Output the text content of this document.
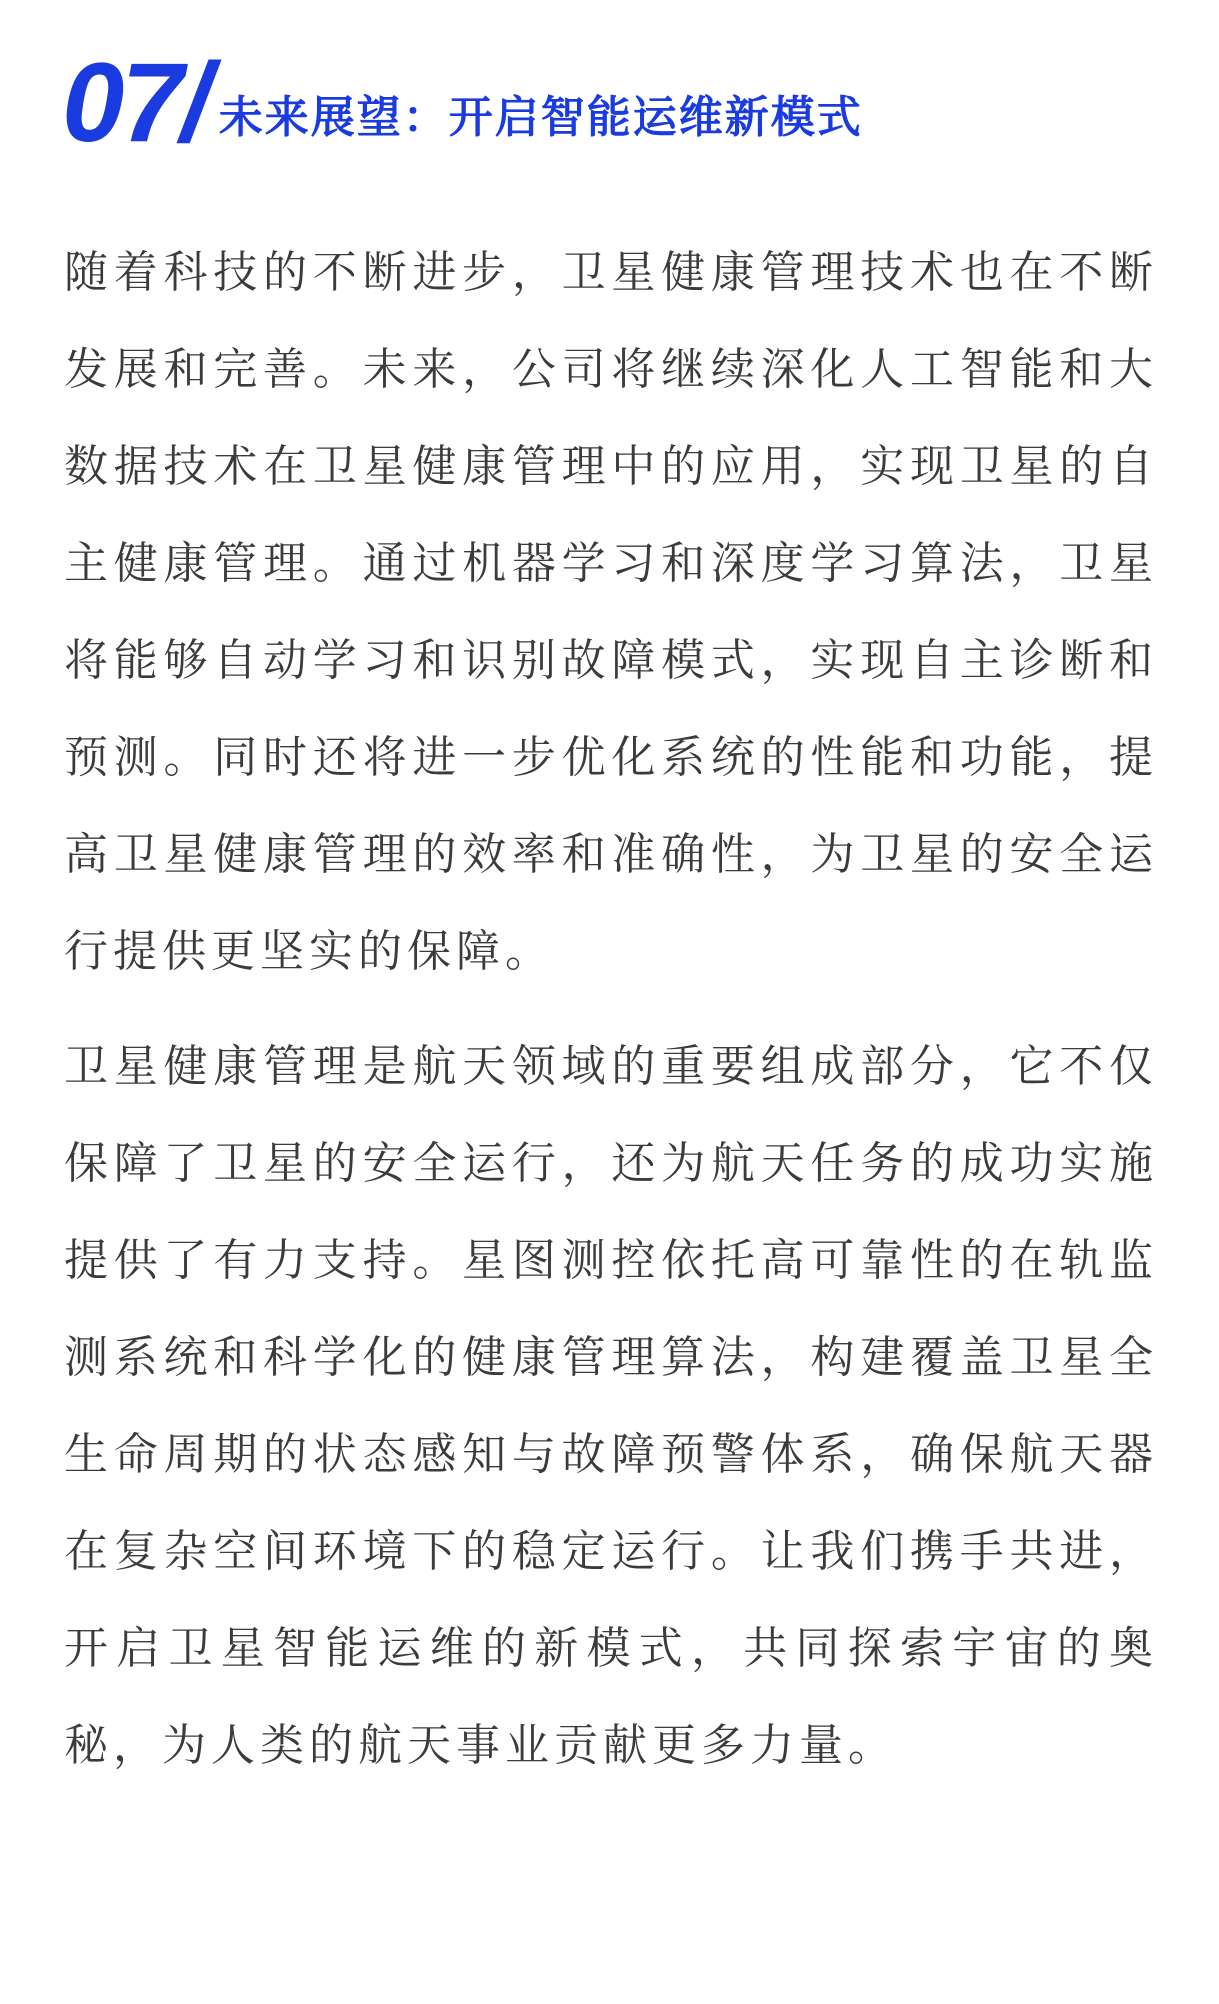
07/ 未来展望：开启智能运维新模式

随着科技的不断进步，卫星健康管理技术也在不断发展和完善。未来，公司将继续深化人工智能和大数据技术在卫星健康管理中的应用，实现卫星的自主健康管理。通过机器学习和深度学习算法，卫星将能够自动学习和识别故障模式，实现自主诊断和预测。同时还将进一步优化系统的性能和功能，提高卫星健康管理的效率和准确性，为卫星的安全运行提供更坚实的保障。

卫星健康管理是航天领域的重要组成部分，它不仅保障了卫星的安全运行，还为航天任务的成功实施提供了有力支持。星图测控依托高可靠性的在轨监测系统和科学化的健康管理算法，构建覆盖卫星全生命周期的状态感知与故障预警体系，确保航天器在复杂空间环境下的稳定运行。让我们携手共进，开启卫星智能运维的新模式，共同探索宇宙的奥秘，为人类的航天事业贡献更多力量。
